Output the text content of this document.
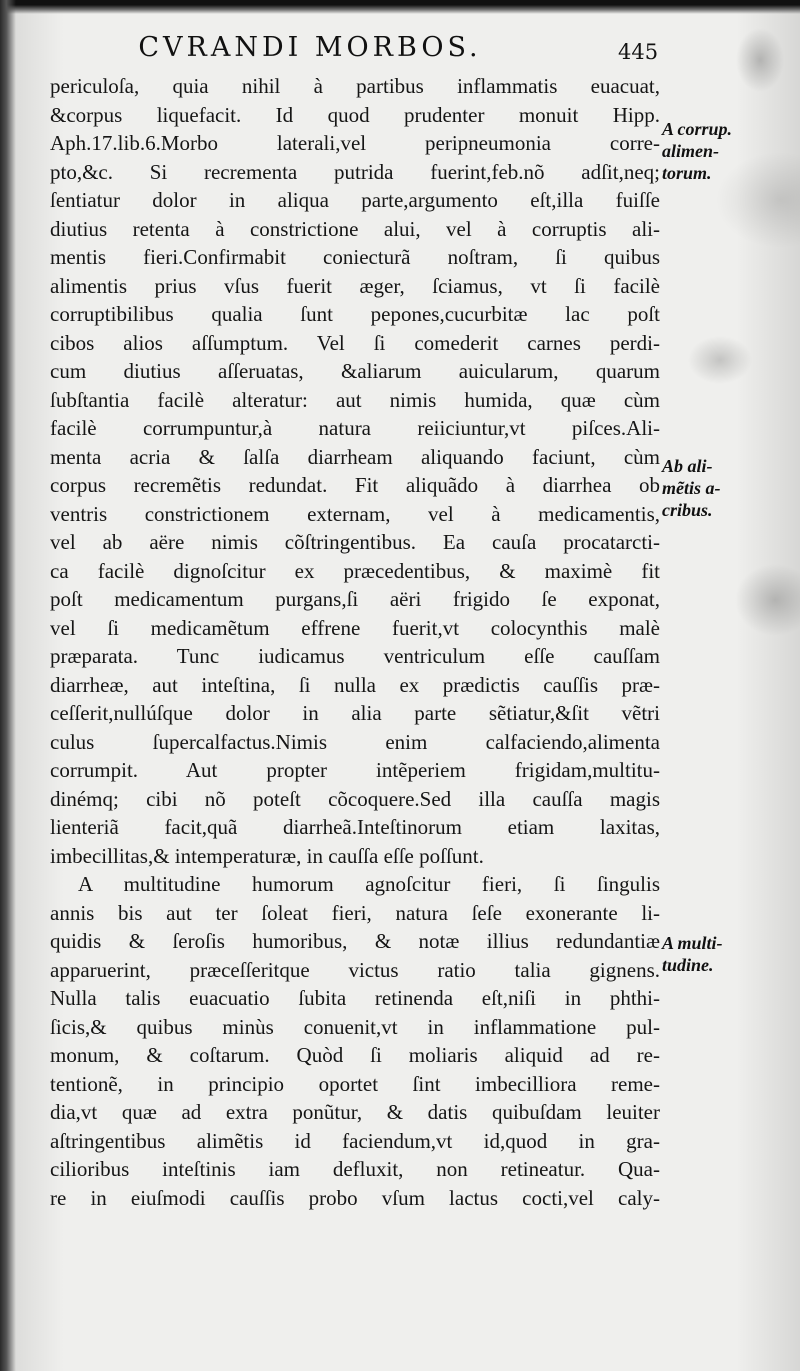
CVRANDI MORBOS.	445
periculoſa, quia nihil à partibus inflammatis euacuat,
&corpus liquefacit. Id quod prudenter monuit Hipp.
Aph.17.lib.6.Morbo laterali,vel peripneumonia corre-
pto,&c. Si recrementa putrida fuerint,feb.nõ adſit,neq;
ſentiatur dolor in aliqua parte,argumento eſt,illa fuiſſe
diutius retenta à constrictione alui, vel à corruptis ali-
mentis fieri.Confirmabit coniecturã noſtram, ſi quibus
alimentis prius vſus fuerit æger, ſciamus, vt ſi facilè
corruptibilibus qualia ſunt pepones,cucurbitæ lac poſt
cibos alios aſſumptum. Vel ſi comederit carnes perdi-
cum diutius aſſeruatas, &aliarum auicularum, quarum
ſubſtantia facilè alteratur: aut nimis humida, quæ cùm
facilè corrumpuntur,à natura reiiciuntur,vt piſces.Ali-
menta acria & ſalſa diarrheam aliquando faciunt, cùm
corpus recremẽtis redundat. Fit aliquãdo à diarrhea ob
ventris constrictionem externam, vel à medicamentis,
vel ab aëre nimis cõſtringentibus. Ea cauſa procatarcti-
ca facilè dignoſcitur ex præcedentibus, & maximè fit
poſt medicamentum purgans,ſi aëri frigido ſe exponat,
vel ſi medicamẽtum effrene fuerit,vt colocynthis malè
præparata. Tunc iudicamus ventriculum eſſe cauſſam
diarrheæ, aut inteſtina, ſi nulla ex prædictis cauſſis præ-
ceſſerit,nullúſque dolor in alia parte sẽtiatur,&ſit vẽtri
culus ſupercalfactus.Nimis enim calfaciendo,alimenta
corrumpit. Aut propter intẽperiem frigidam,multitu-
dinémq; cibi nõ poteſt cõcoquere.Sed illa cauſſa magis
lienteriã facit,quã diarrheã.Inteſtinorum etiam laxitas,
imbecillitas,& intemperaturæ, in cauſſa eſſe poſſunt.
A multitudine humorum agnoſcitur fieri, ſi ſingulis
annis bis aut ter ſoleat fieri, natura ſeſe exonerante li-
quidis & ſeroſis humoribus, & notæ illius redundantiæ
apparuerint, præceſſeritque victus ratio talia gignens.
Nulla talis euacuatio ſubita retinenda eſt,niſi in phthi-
ſicis,& quibus minùs conuenit,vt in inflammatione pul-
monum, & coſtarum. Quòd ſi moliaris aliquid ad re-
tentionẽ, in principio oportet ſint imbecilliora reme-
dia,vt quæ ad extra ponũtur, & datis quibuſdam leuiter
aſtringentibus alimẽtis id faciendum,vt id,quod in gra-
cilioribus inteſtinis iam defluxit, non retineatur. Qua-
re in eiuſmodi cauſſis probo vſum lactus cocti,vel caly-
A corrup.
alimen-
torum.
Ab ali-
mẽtis a-
cribus.
A multi-
tudine.
